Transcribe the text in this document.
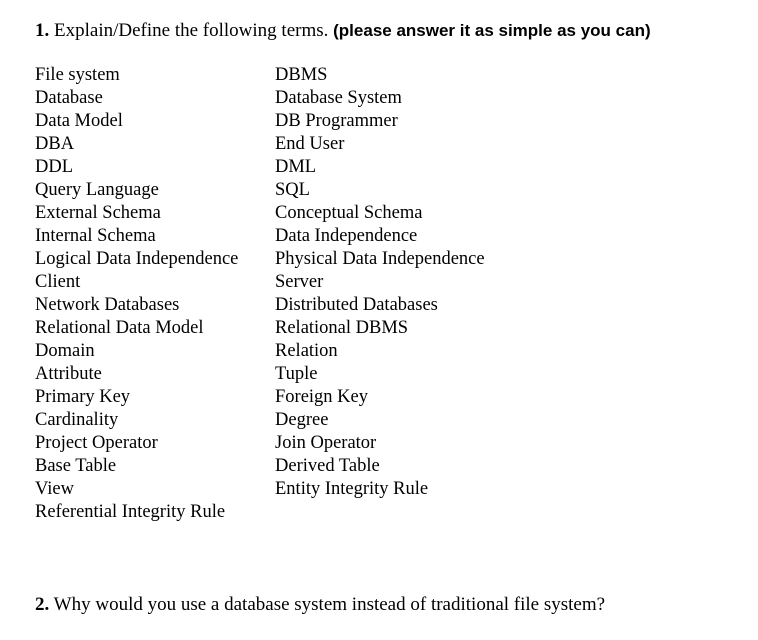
1. Explain/Define the following terms. (please answer it as simple as you can)
File system
Database
Data Model
DBA
DDL
Query Language
External Schema
Internal Schema
Logical Data Independence
Client
Network Databases
Relational Data Model
Domain
Attribute
Primary Key
Cardinality
Project Operator
Base Table
View
Referential Integrity Rule
DBMS
Database System
DB Programmer
End User
DML
SQL
Conceptual Schema
Data Independence
Physical Data Independence
Server
Distributed Databases
Relational DBMS
Relation
Tuple
Foreign Key
Degree
Join Operator
Derived Table
Entity Integrity Rule
2. Why would you use a database system instead of traditional file system?
